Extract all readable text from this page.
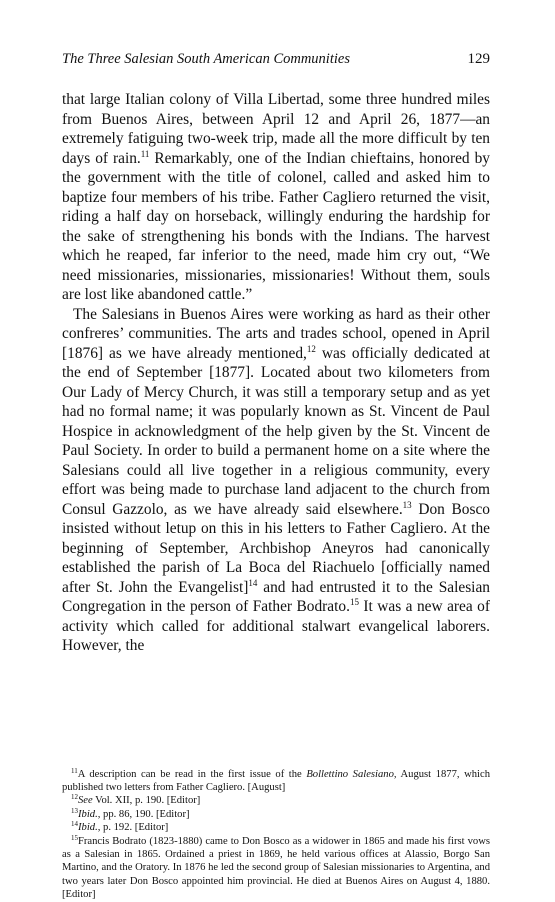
The Three Salesian South American Communities	129

that large Italian colony of Villa Libertad, some three hundred miles from Buenos Aires, between April 12 and April 26, 1877—an extremely fatiguing two-week trip, made all the more difficult by ten days of rain.$^{11}$ Remarkably, one of the Indian chieftains, honored by the government with the title of colonel, called and asked him to baptize four members of his tribe. Father Cagliero returned the visit, riding a half day on horseback, willingly enduring the hardship for the sake of strengthening his bonds with the Indians. The harvest which he reaped, far inferior to the need, made him cry out, “We need missionaries, missionaries, missionaries! Without them, souls are lost like abandoned cattle.”

The Salesians in Buenos Aires were working as hard as their other confreres’ communities. The arts and trades school, opened in April [1876] as we have already mentioned,$^{12}$ was officially dedicated at the end of September [1877]. Located about two kilometers from Our Lady of Mercy Church, it was still a temporary setup and as yet had no formal name; it was popularly known as St. Vincent de Paul Hospice in acknowledgment of the help given by the St. Vincent de Paul Society. In order to build a permanent home on a site where the Salesians could all live together in a religious community, every effort was being made to purchase land adjacent to the church from Consul Gazzolo, as we have already said elsewhere.$^{13}$ Don Bosco insisted without letup on this in his letters to Father Cagliero. At the beginning of September, Archbishop Aneyros had canonically established the parish of La Boca del Riachuelo [officially named after St. John the Evangelist]$^{14}$ and had entrusted it to the Salesian Congregation in the person of Father Bodrato.$^{15}$ It was a new area of activity which called for additional stalwart evangelical laborers. However, the

$^{11}$A description can be read in the first issue of the Bollettino Salesiano, August 1877, which published two letters from Father Cagliero. [August]

$^{12}$See Vol. XII, p. 190. [Editor]

$^{13}$Ibid., pp. 86, 190. [Editor]

$^{14}$Ibid., p. 192. [Editor]

$^{15}$Francis Bodrato (1823-1880) came to Don Bosco as a widower in 1865 and made his first vows as a Salesian in 1865. Ordained a priest in 1869, he held various offices at Alassio, Borgo San Martino, and the Oratory. In 1876 he led the second group of Salesian missionaries to Argentina, and two years later Don Bosco appointed him provincial. He died at Buenos Aires on August 4, 1880. [Editor]
